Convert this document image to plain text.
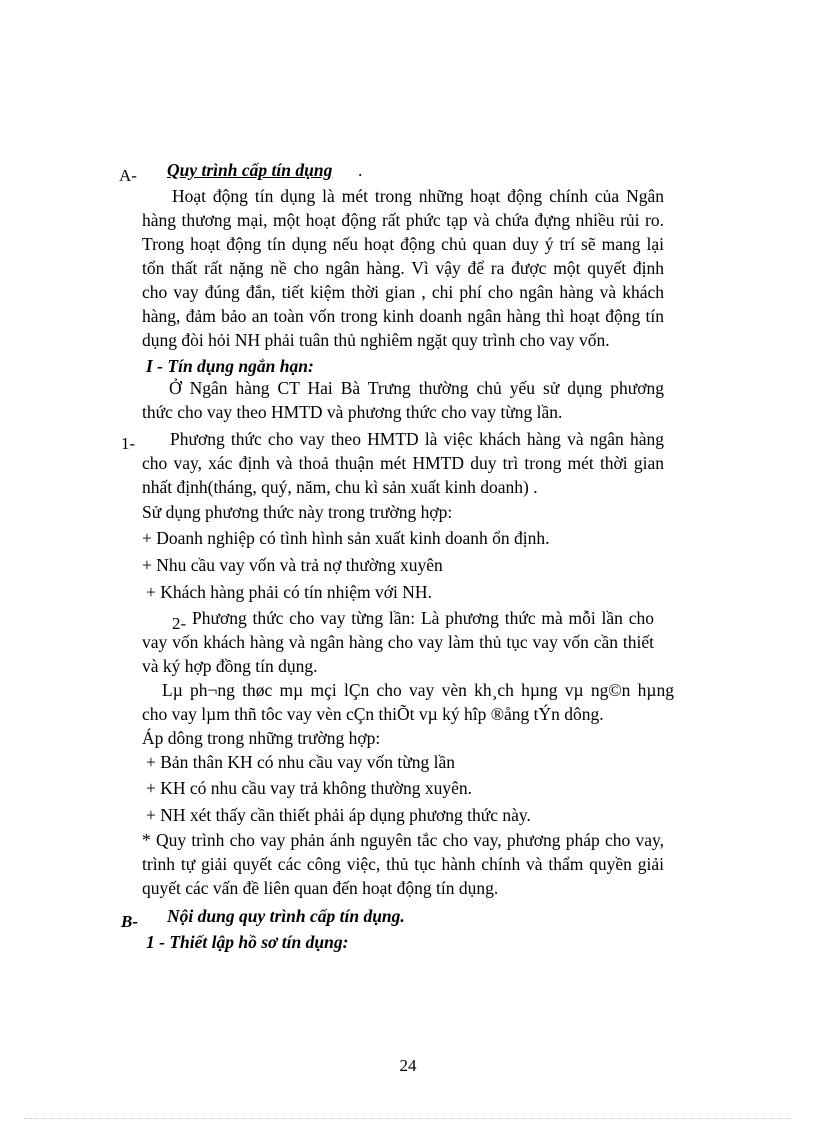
A- Quy trình cấp tín dụng .
Hoạt động tín dụng là mét trong những hoạt động chính của Ngân
hàng thương mại, một hoạt động rất phức tạp và chứa đựng nhiều rủi ro.
Trong hoạt động tín dụng nếu hoạt động chủ quan duy ý trí sẽ mang lại
tổn thất rất nặng nề cho ngân hàng. Vì vậy để ra được một quyết định
cho vay đúng đắn, tiết kiệm thời gian , chi phí cho ngân hàng và khách
hàng, đảm bảo an toàn vốn trong kinh doanh ngân hàng thì hoạt động tín
dụng đòi hỏi NH phải tuân thủ nghiêm ngặt quy trình cho vay vốn.
I - Tín dụng ngắn hạn:
Ở Ngân hàng CT Hai Bà Trưng thường chủ yếu sử dụng phương
thức cho vay theo HMTD và phương thức cho vay từng lần.
1-	Phương thức cho vay theo HMTD là việc khách hàng và ngân hàng
cho vay, xác định và thoả thuận mét HMTD duy trì trong mét thời gian
nhất định(tháng, quý, năm, chu kì sản xuất kinh doanh) .
Sử dụng phương thức này trong trường hợp:
+ Doanh nghiệp có tình hình sản xuất kinh doanh ổn định.
+ Nhu cầu vay vốn và trả nợ thường xuyên
+ Khách hàng phải có tín nhiệm với NH.
2- Phương thức cho vay từng lần: Là phương thức mà mỗi lần cho
vay vốn khách hàng và ngân hàng cho vay làm thủ tục vay vốn cần thiết
và ký hợp đồng tín dụng.
Lµ ph¬ng thøc mµ mçi lÇn cho vay vèn kh¸ch hµng vµ ng©n hµng
cho vay lµm thñ tôc vay vèn cÇn thiÕt vµ ký hîp ®ång tÝn dông.
Áp dông trong những trường hợp:
+ Bản thân KH có nhu cầu vay vốn từng lần
+ KH có nhu cầu vay trả không thường xuyên.
+ NH xét thấy cần thiết phải áp dụng phương thức này.
* Quy trình cho vay phản ánh nguyên tắc cho vay, phương pháp cho vay,
trình tự giải quyết các công việc, thủ tục hành chính và thẩm quyền giải
quyết các vấn đề liên quan đến hoạt động tín dụng.
B- Nội dung quy trình cấp tín dụng.
1 - Thiết lập hồ sơ tín dụng:
24
